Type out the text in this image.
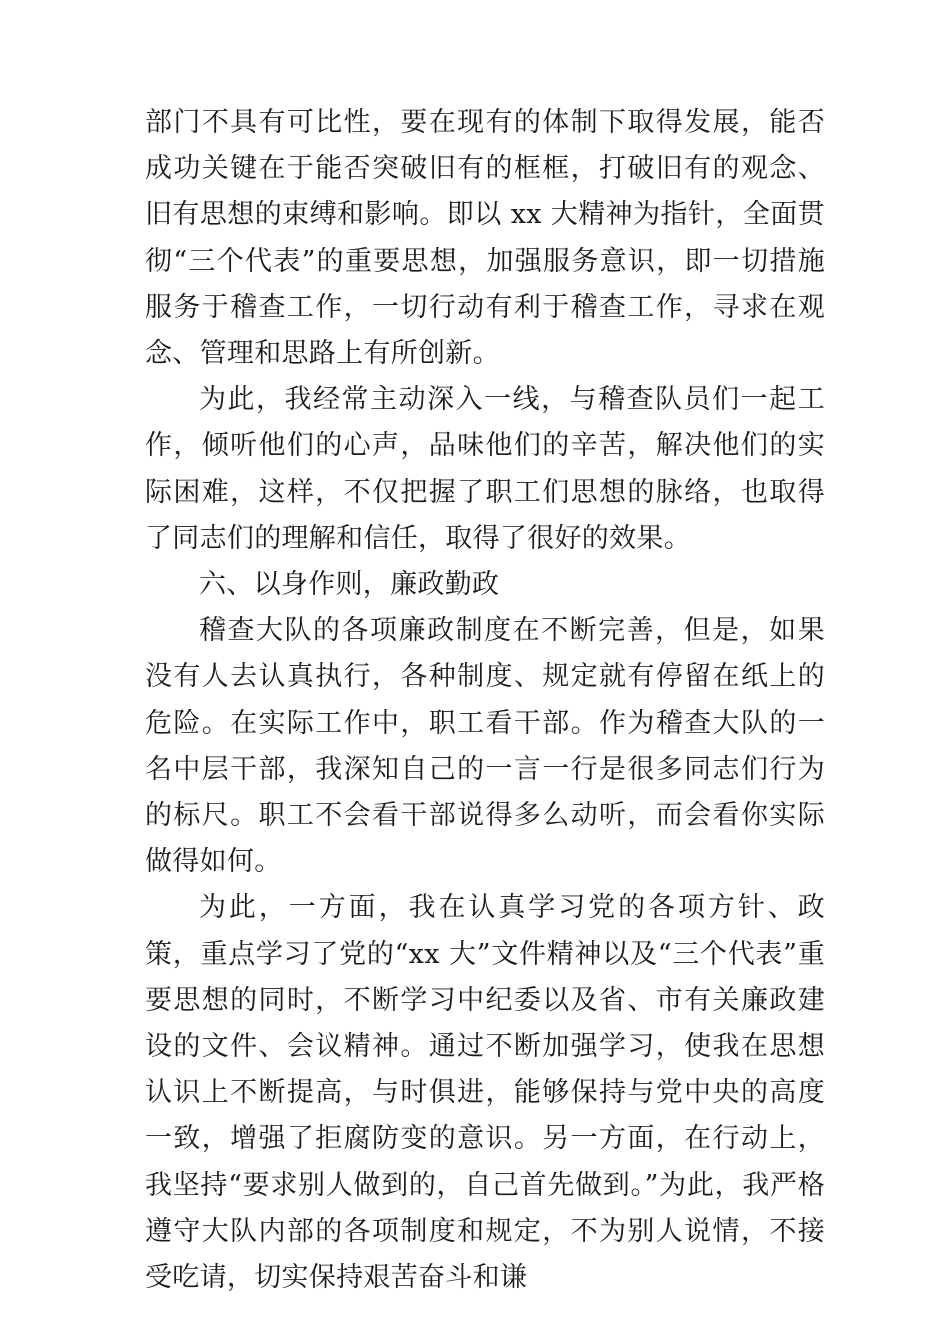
部门不具有可比性，要在现有的体制下取得发展，能否成功关键在于能否突破旧有的框框，打破旧有的观念、旧有思想的束缚和影响。即以 xx 大精神为指针，全面贯彻“三个代表”的重要思想，加强服务意识，即一切措施服务于稽查工作，一切行动有利于稽查工作，寻求在观念、管理和思路上有所创新。

为此，我经常主动深入一线，与稽查队员们一起工作，倾听他们的心声，品味他们的辛苦，解决他们的实际困难，这样，不仅把握了职工们思想的脉络，也取得了同志们的理解和信任，取得了很好的效果。

六、以身作则，廉政勤政

稽查大队的各项廉政制度在不断完善，但是，如果没有人去认真执行，各种制度、规定就有停留在纸上的危险。在实际工作中，职工看干部。作为稽查大队的一名中层干部，我深知自己的一言一行是很多同志们行为的标尺。职工不会看干部说得多么动听，而会看你实际做得如何。

为此，一方面，我在认真学习党的各项方针、政策，重点学习了党的“xx 大”文件精神以及“三个代表”重要思想的同时，不断学习中纪委以及省、市有关廉政建设的文件、会议精神。通过不断加强学习，使我在思想认识上不断提高，与时俱进，能够保持与党中央的高度一致，增强了拒腐防变的意识。另一方面，在行动上，我坚持“要求别人做到的，自己首先做到。”为此，我严格遵守大队内部的各项制度和规定，不为别人说情，不接受吃请，切实保持艰苦奋斗和谦
